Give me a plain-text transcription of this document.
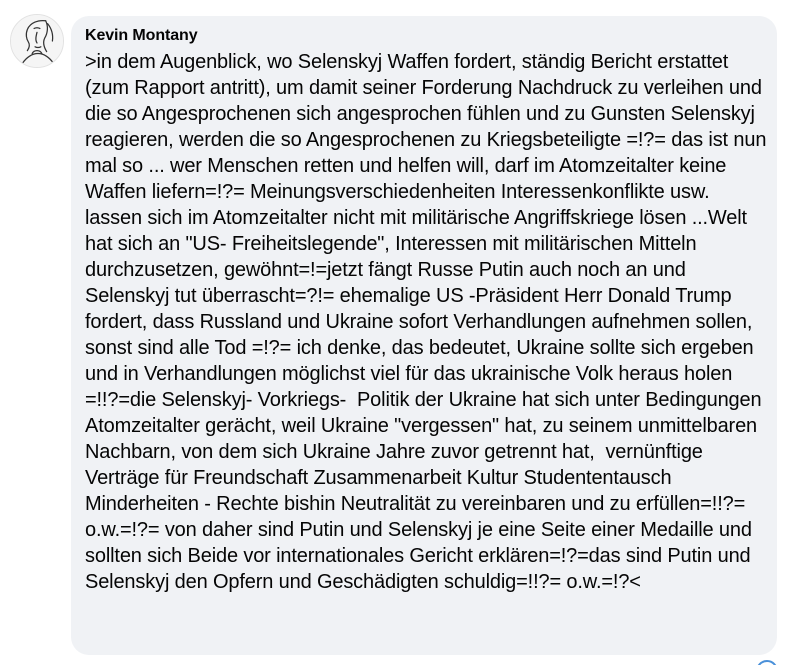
Kevin Montany

>in dem Augenblick, wo Selenskyj Waffen fordert, ständig Bericht erstattet (zum Rapport antritt), um damit seiner Forderung Nachdruck zu verleihen und die so Angesprochenen sich angesprochen fühlen und zu Gunsten Selenskyj reagieren, werden die so Angesprochenen zu Kriegsbeteiligte =!?= das ist nun mal so ... wer Menschen retten und helfen will, darf im Atomzeitalter keine Waffen liefern=!?= Meinungsverschiedenheiten Interessenkonflikte usw. lassen sich im Atomzeitalter nicht mit militärische Angriffskriege lösen ...Welt hat sich an "US- Freiheitslegende", Interessen mit militärischen Mitteln durchzusetzen, gewöhnt=!=jetzt fängt Russe Putin auch noch an und Selenskyj tut überrascht=?!= ehemalige US -Präsident Herr Donald Trump fordert, dass Russland und Ukraine sofort Verhandlungen aufnehmen sollen, sonst sind alle Tod =!?= ich denke, das bedeutet, Ukraine sollte sich ergeben und in Verhandlungen möglichst viel für das ukrainische Volk heraus holen =!!?=die Selenskyj- Vorkriegs-  Politik der Ukraine hat sich unter Bedingungen Atomzeitalter gerächt, weil Ukraine "vergessen" hat, zu seinem unmittelbaren Nachbarn, von dem sich Ukraine Jahre zuvor getrennt hat,  vernünftige Verträge für Freundschaft Zusammenarbeit Kultur Studententausch Minderheiten - Rechte bishin Neutralität zu vereinbaren und zu erfüllen=!!?= o.w.=!?= von daher sind Putin und Selenskyj je eine Seite einer Medaille und sollten sich Beide vor internationales Gericht erklären=!?=das sind Putin und Selenskyj den Opfern und Geschädigten schuldig=!!?= o.w.=!?<
